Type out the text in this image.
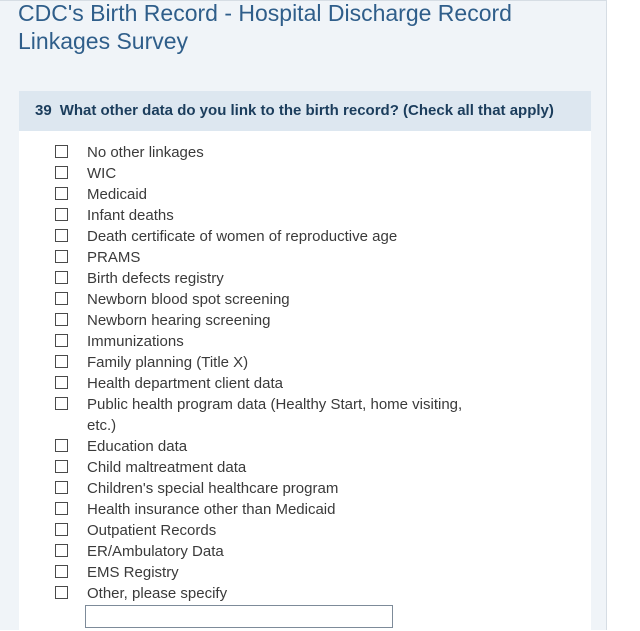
CDC's Birth Record - Hospital Discharge Record Linkages Survey
39 What other data do you link to the birth record? (Check all that apply)
No other linkages
WIC
Medicaid
Infant deaths
Death certificate of women of reproductive age
PRAMS
Birth defects registry
Newborn blood spot screening
Newborn hearing screening
Immunizations
Family planning (Title X)
Health department client data
Public health program data (Healthy Start, home visiting, etc.)
Education data
Child maltreatment data
Children's special healthcare program
Health insurance other than Medicaid
Outpatient Records
ER/Ambulatory Data
EMS Registry
Other, please specify
